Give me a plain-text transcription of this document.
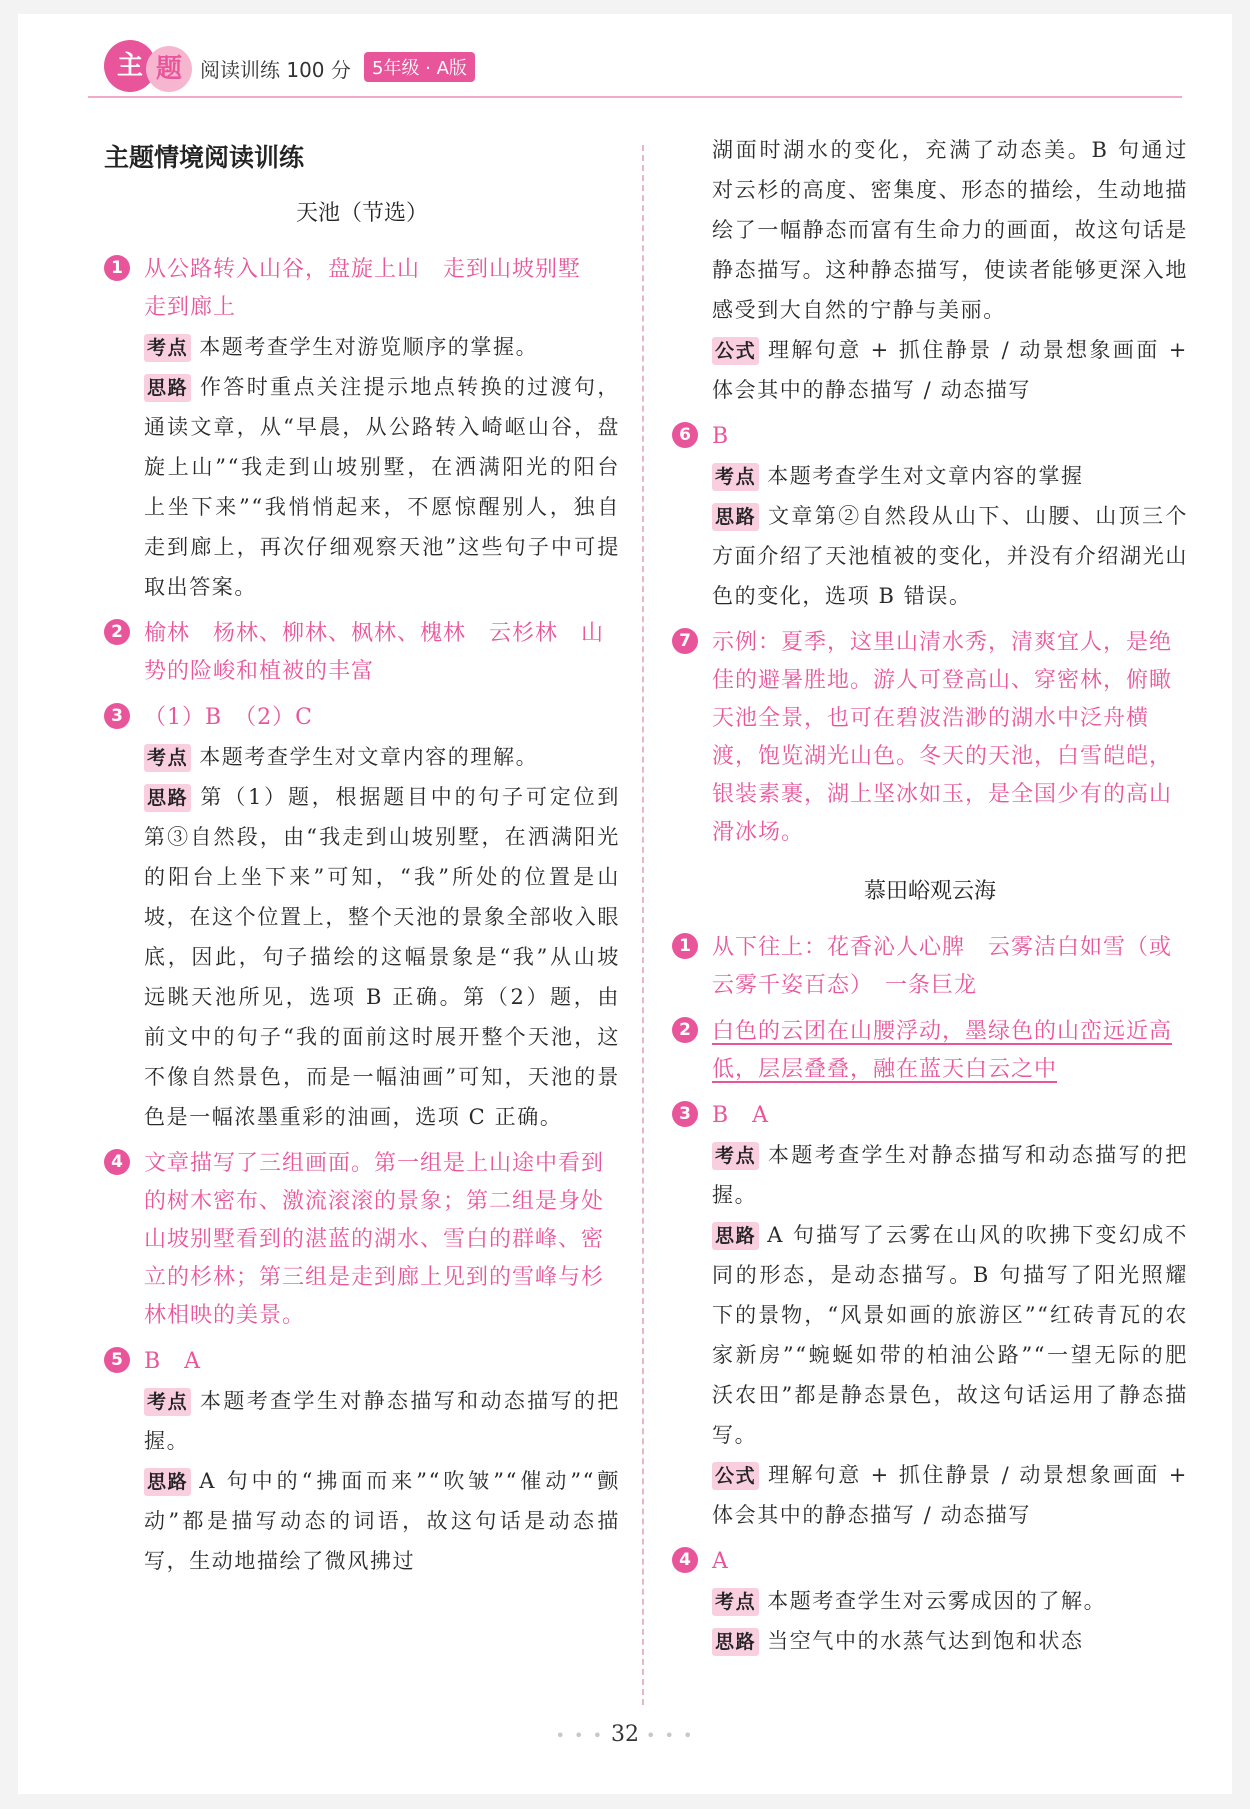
主 题 阅读训练 100 分	5年级 · A版
主题情境阅读训练
天池（节选）
1 从公路转入山谷，盘旋上山　走到山坡别墅　走到廊上
考点 本题考查学生对游览顺序的掌握。
思路 作答时重点关注提示地点转换的过渡句，通读文章，从“早晨，从公路转入崎岖山谷，盘旋上山”“我走到山坡别墅，在洒满阳光的阳台上坐下来”“我悄悄起来，不愿惊醒别人，独自走到廊上，再次仔细观察天池”这些句子中可提取出答案。
2 榆林　杨林、柳林、枫林、槐林　云杉林　山势的险峻和植被的丰富
3 （1）B　（2）C
考点 本题考查学生对文章内容的理解。
思路 第（1）题，根据题目中的句子可定位到第③自然段，由“我走到山坡别墅，在洒满阳光的阳台上坐下来”可知，“我”所处的位置是山坡，在这个位置上，整个天池的景象全部收入眼底，因此，句子描绘的这幅景象是“我”从山坡远眺天池所见，选项 B 正确。第（2）题，由前文中的句子“我的面前这时展开整个天池，这不像自然景色，而是一幅油画”可知，天池的景色是一幅浓墨重彩的油画，选项 C 正确。
4 文章描写了三组画面。第一组是上山途中看到的树木密布、激流滚滚的景象；第二组是身处山坡别墅看到的湛蓝的湖水、雪白的群峰、密立的杉林；第三组是走到廊上见到的雪峰与杉林相映的美景。
5 B　A
考点 本题考查学生对静态描写和动态描写的把握。
思路 A 句中的“拂面而来”“吹皱”“催动”“颤动”都是描写动态的词语，故这句话是动态描写，生动地描绘了微风拂过
湖面时湖水的变化，充满了动态美。B 句通过对云杉的高度、密集度、形态的描绘，生动地描绘了一幅静态而富有生命力的画面，故这句话是静态描写。这种静态描写，使读者能够更深入地感受到大自然的宁静与美丽。
公式 理解句意 + 抓住静景 / 动景想象画面 + 体会其中的静态描写 / 动态描写
6 B
考点 本题考查学生对文章内容的掌握
思路 文章第②自然段从山下、山腰、山顶三个方面介绍了天池植被的变化，并没有介绍湖光山色的变化，选项 B 错误。
7 示例：夏季，这里山清水秀，清爽宜人，是绝佳的避暑胜地。游人可登高山、穿密林，俯瞰天池全景，也可在碧波浩渺的湖水中泛舟横渡，饱览湖光山色。冬天的天池，白雪皑皑，银装素裹，湖上坚冰如玉，是全国少有的高山滑冰场。
慕田峪观云海
1 从下往上：花香沁人心脾　云雾洁白如雪（或云雾千姿百态）　一条巨龙
2 白色的云团在山腰浮动，墨绿色的山峦远近高低，层层叠叠，融在蓝天白云之中
3 B　A
考点 本题考查学生对静态描写和动态描写的把握。
思路 A 句描写了云雾在山风的吹拂下变幻成不同的形态，是动态描写。B 句描写了阳光照耀下的景物，“风景如画的旅游区”“红砖青瓦的农家新房”“蜿蜒如带的柏油公路”“一望无际的肥沃农田”都是静态景色，故这句话运用了静态描写。
公式 理解句意 + 抓住静景 / 动景想象画面 + 体会其中的静态描写 / 动态描写
4 A
考点 本题考查学生对云雾成因的了解。
思路 当空气中的水蒸气达到饱和状态
• • • 32 • • •
